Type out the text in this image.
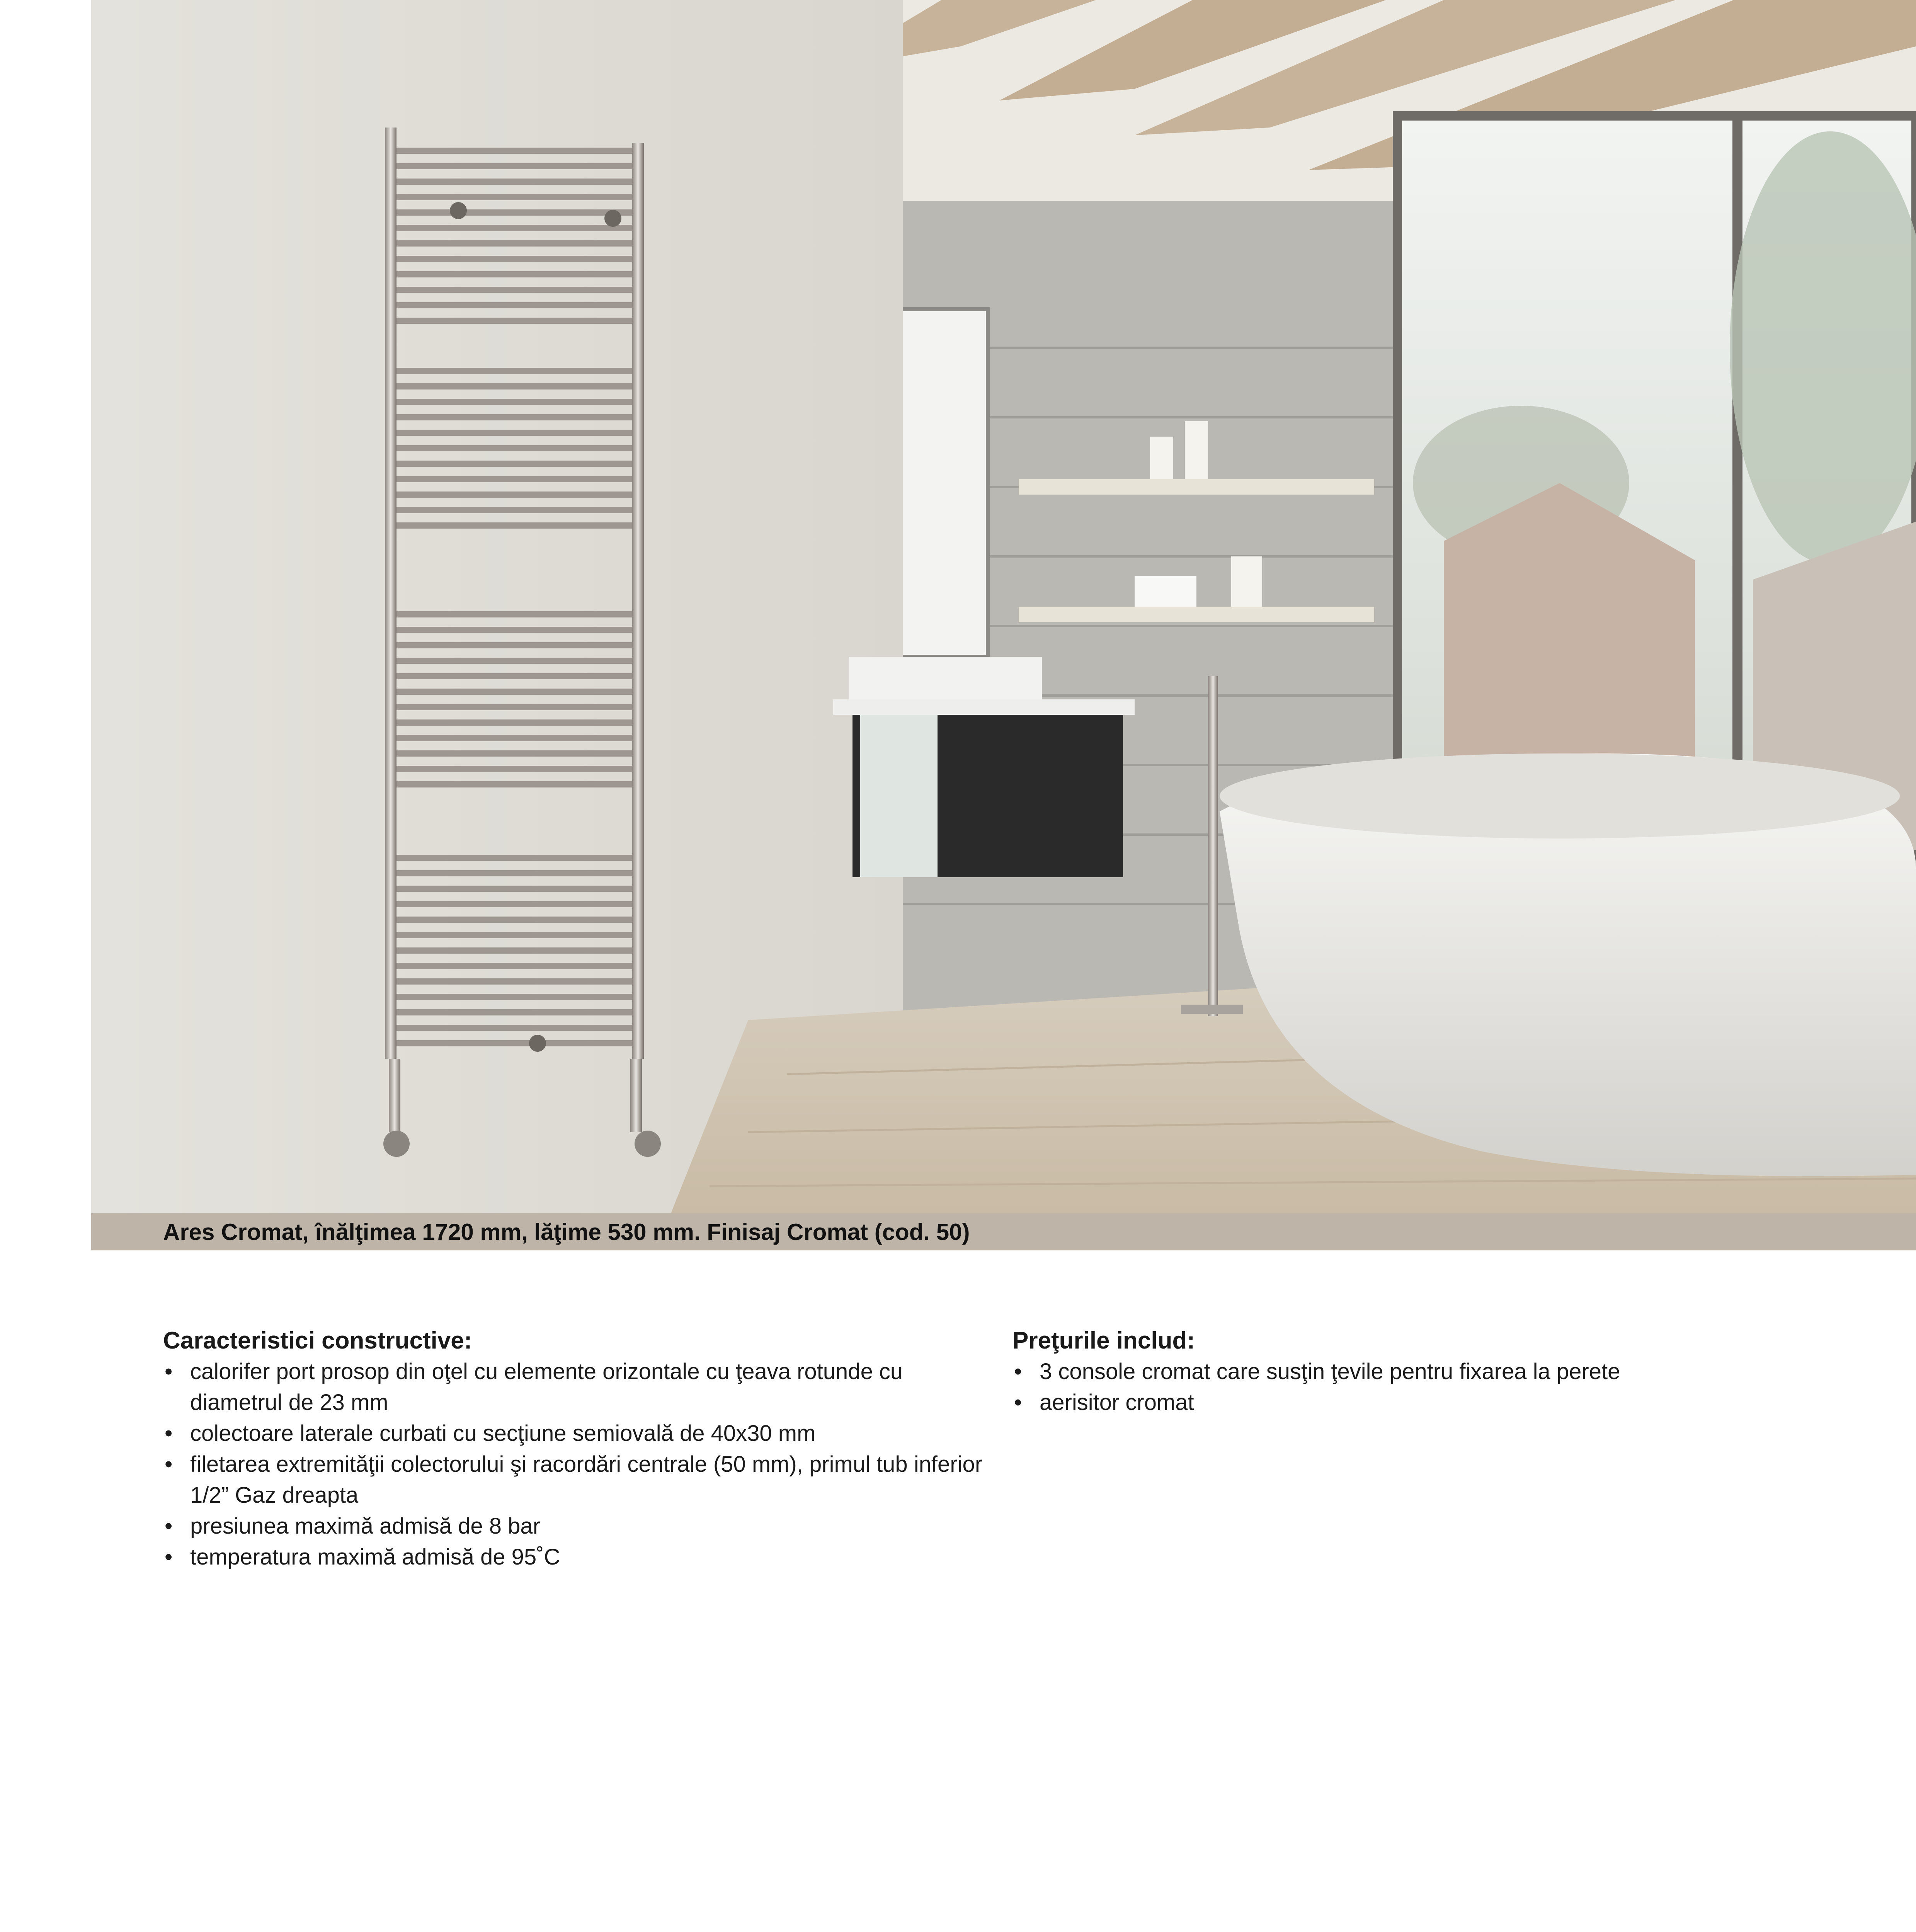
Ares Cromat, înălţimea 1720 mm, lăţime 530 mm. Finisaj Cromat (cod. 50)

Caracteristici constructive:

• calorifer port prosop din oţel cu elemente orizontale cu ţeava rotunde cu diametrul de 23 mm
• colectoare laterale curbati cu secţiune semiovală de 40x30 mm
• filetarea extremităţii colectorului şi racordări centrale (50 mm), primul tub inferior 1/2” Gaz dreapta
• presiunea maximă admisă de 8 bar
• temperatura maximă admisă de 95˚C

Preţurile includ:

• 3 console cromat care susţin ţevile pentru fixarea la perete
• aerisitor cromat
